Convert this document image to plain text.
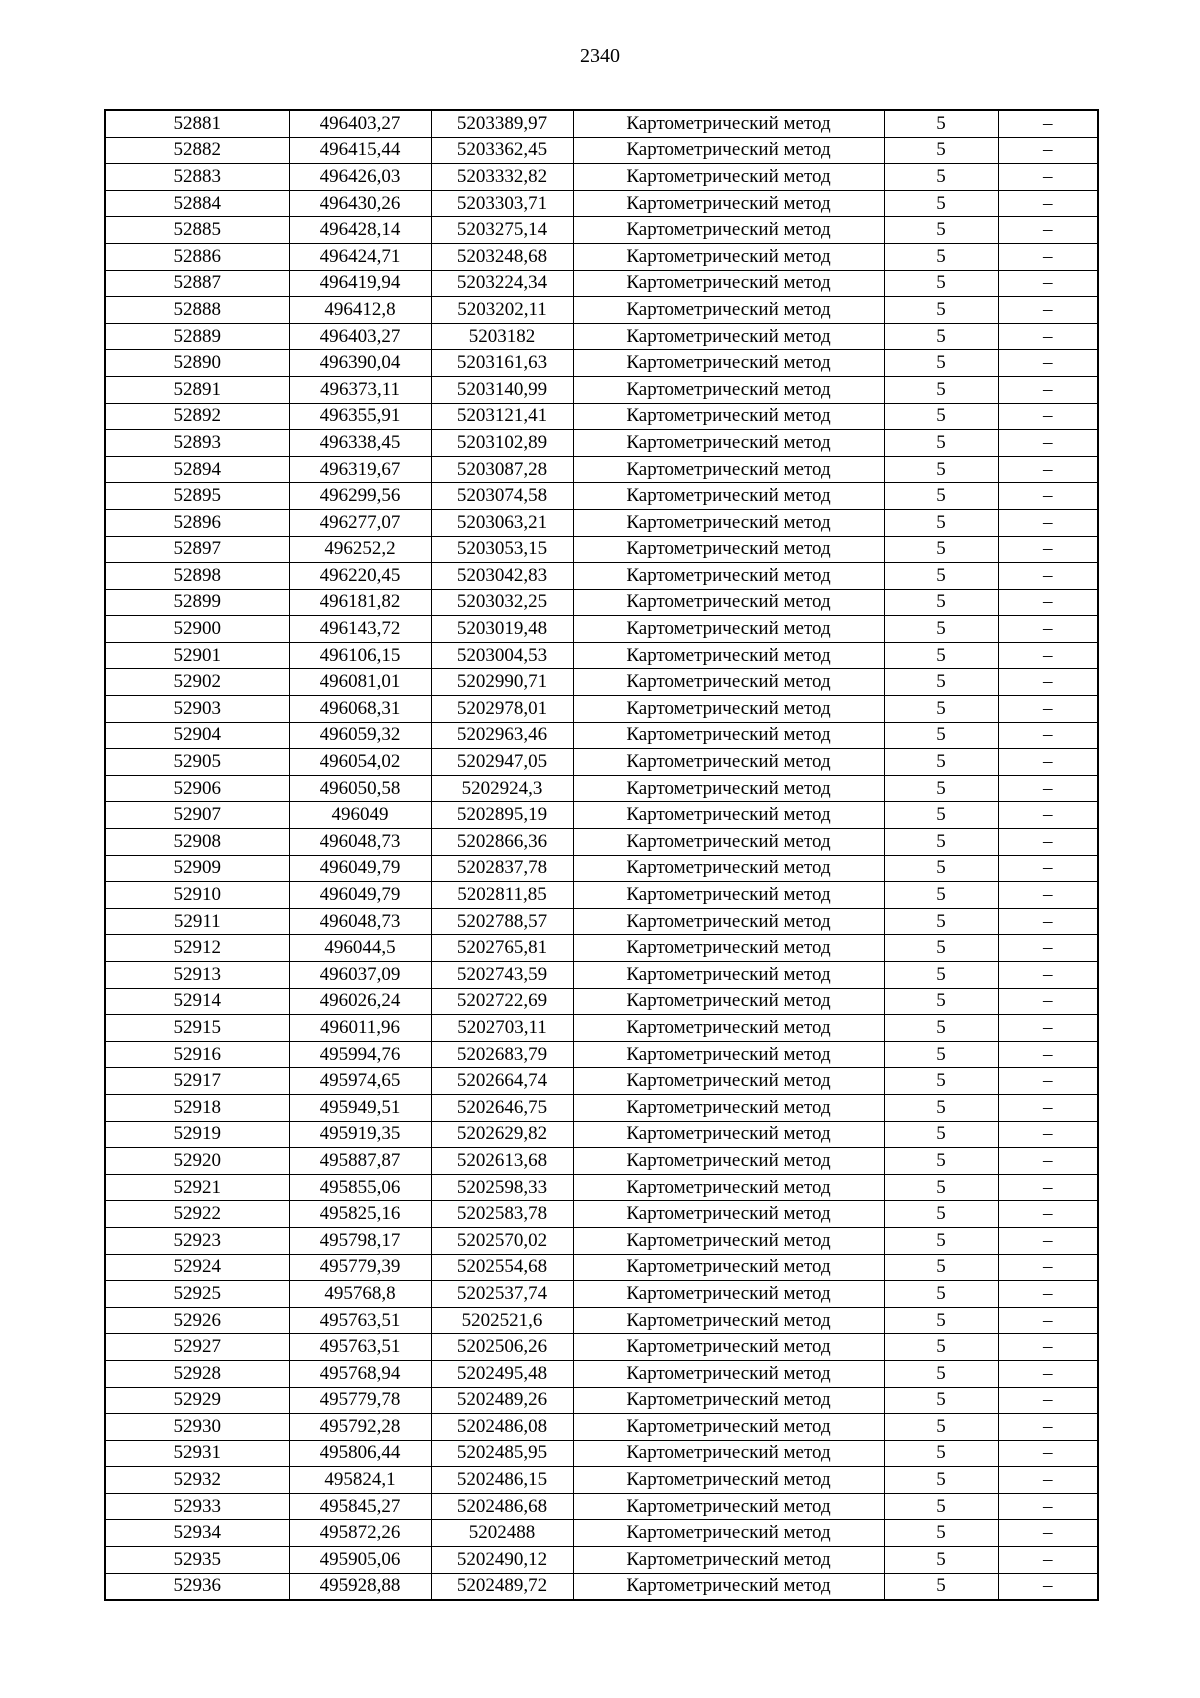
2340
52881	496403,27	5203389,97	Картометрический метод	5	–
52882	496415,44	5203362,45	Картометрический метод	5	–
52883	496426,03	5203332,82	Картометрический метод	5	–
52884	496430,26	5203303,71	Картометрический метод	5	–
52885	496428,14	5203275,14	Картометрический метод	5	–
52886	496424,71	5203248,68	Картометрический метод	5	–
52887	496419,94	5203224,34	Картометрический метод	5	–
52888	496412,8	5203202,11	Картометрический метод	5	–
52889	496403,27	5203182	Картометрический метод	5	–
52890	496390,04	5203161,63	Картометрический метод	5	–
52891	496373,11	5203140,99	Картометрический метод	5	–
52892	496355,91	5203121,41	Картометрический метод	5	–
52893	496338,45	5203102,89	Картометрический метод	5	–
52894	496319,67	5203087,28	Картометрический метод	5	–
52895	496299,56	5203074,58	Картометрический метод	5	–
52896	496277,07	5203063,21	Картометрический метод	5	–
52897	496252,2	5203053,15	Картометрический метод	5	–
52898	496220,45	5203042,83	Картометрический метод	5	–
52899	496181,82	5203032,25	Картометрический метод	5	–
52900	496143,72	5203019,48	Картометрический метод	5	–
52901	496106,15	5203004,53	Картометрический метод	5	–
52902	496081,01	5202990,71	Картометрический метод	5	–
52903	496068,31	5202978,01	Картометрический метод	5	–
52904	496059,32	5202963,46	Картометрический метод	5	–
52905	496054,02	5202947,05	Картометрический метод	5	–
52906	496050,58	5202924,3	Картометрический метод	5	–
52907	496049	5202895,19	Картометрический метод	5	–
52908	496048,73	5202866,36	Картометрический метод	5	–
52909	496049,79	5202837,78	Картометрический метод	5	–
52910	496049,79	5202811,85	Картометрический метод	5	–
52911	496048,73	5202788,57	Картометрический метод	5	–
52912	496044,5	5202765,81	Картометрический метод	5	–
52913	496037,09	5202743,59	Картометрический метод	5	–
52914	496026,24	5202722,69	Картометрический метод	5	–
52915	496011,96	5202703,11	Картометрический метод	5	–
52916	495994,76	5202683,79	Картометрический метод	5	–
52917	495974,65	5202664,74	Картометрический метод	5	–
52918	495949,51	5202646,75	Картометрический метод	5	–
52919	495919,35	5202629,82	Картометрический метод	5	–
52920	495887,87	5202613,68	Картометрический метод	5	–
52921	495855,06	5202598,33	Картометрический метод	5	–
52922	495825,16	5202583,78	Картометрический метод	5	–
52923	495798,17	5202570,02	Картометрический метод	5	–
52924	495779,39	5202554,68	Картометрический метод	5	–
52925	495768,8	5202537,74	Картометрический метод	5	–
52926	495763,51	5202521,6	Картометрический метод	5	–
52927	495763,51	5202506,26	Картометрический метод	5	–
52928	495768,94	5202495,48	Картометрический метод	5	–
52929	495779,78	5202489,26	Картометрический метод	5	–
52930	495792,28	5202486,08	Картометрический метод	5	–
52931	495806,44	5202485,95	Картометрический метод	5	–
52932	495824,1	5202486,15	Картометрический метод	5	–
52933	495845,27	5202486,68	Картометрический метод	5	–
52934	495872,26	5202488	Картометрический метод	5	–
52935	495905,06	5202490,12	Картометрический метод	5	–
52936	495928,88	5202489,72	Картометрический метод	5	–
